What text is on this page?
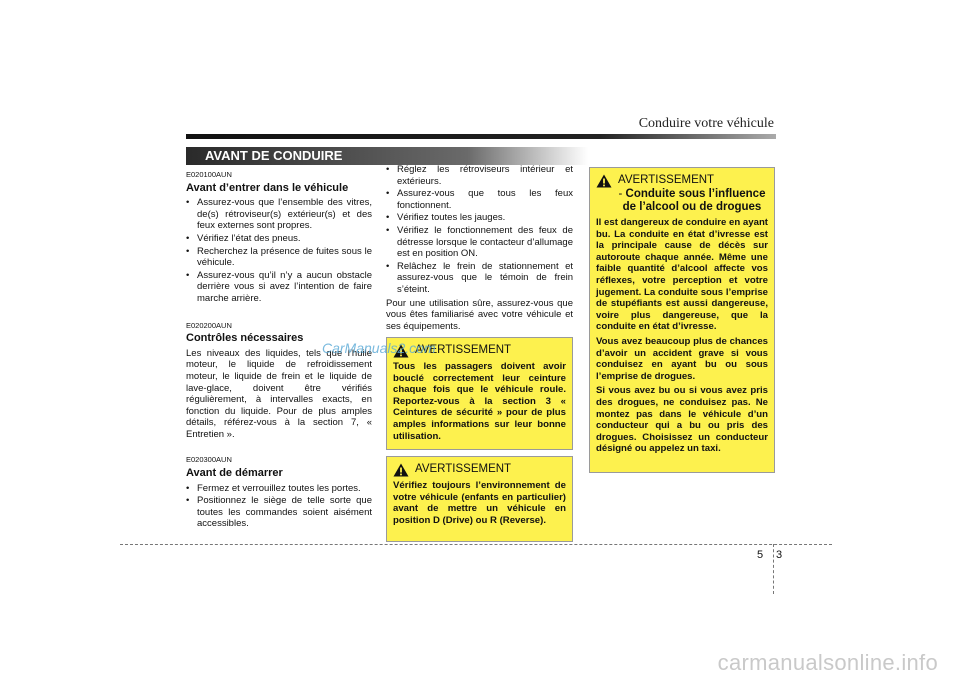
Conduire votre véhicule
AVANT DE CONDUIRE
E020100AUN
Avant d’entrer dans le véhicule
• Assurez-vous que l’ensemble des vitres, de(s) rétroviseur(s) extérieur(s) et des feux externes sont propres.
• Vérifiez l’état des pneus.
• Recherchez la présence de fuites sous le véhicule.
• Assurez-vous qu’il n’y a aucun obstacle derrière vous si avez l’intention de faire marche arrière.
E020200AUN
Contrôles nécessaires
Les niveaux des liquides, tels que l’huile moteur, le liquide de refroidissement moteur, le liquide de frein et le liquide de lave-glace, doivent être vérifiés régulièrement, à intervalles exacts, en fonction du liquide. Pour de plus amples détails, référez-vous à la section 7, « Entretien ».
E020300AUN
Avant de démarrer
• Fermez et verrouillez toutes les portes.
• Positionnez le siège de telle sorte que toutes les commandes soient aisément accessibles.
• Réglez les rétroviseurs intérieur et extérieurs.
• Assurez-vous que tous les feux fonctionnent.
• Vérifiez toutes les jauges.
• Vérifiez le fonctionnement des feux de détresse lorsque le contacteur d’allumage est en position ON.
• Relâchez le frein de stationnement et assurez-vous que le témoin de frein s’éteint.
Pour une utilisation sûre, assurez-vous que vous êtes familiarisé avec votre véhicule et ses équipements.
AVERTISSEMENT
Tous les passagers doivent avoir bouclé correctement leur ceinture chaque fois que le véhicule roule. Reportez-vous à la section 3 « Ceintures de sécurité » pour de plus amples informations sur leur bonne utilisation.
AVERTISSEMENT
Vérifiez toujours l’environnement de votre véhicule (enfants en particulier) avant de mettre un véhicule en position D (Drive) ou R (Reverse).
AVERTISSEMENT
- Conduite sous l’influence
de l’alcool ou de drogues

Il est dangereux de conduire en ayant bu. La conduite en état d’ivresse est la principale cause de décès sur autoroute chaque année. Même une faible quantité d’alcool affecte vos réflexes, votre perception et votre jugement. La conduite sous l’emprise de stupéfiants est aussi dangereuse, voire plus dangereuse, que la conduite en état d’ivresse.

Vous avez beaucoup plus de chances d’avoir un accident grave si vous conduisez en ayant bu ou sous l’emprise de drogues.

Si vous avez bu ou si vous avez pris des drogues, ne conduisez pas. Ne montez pas dans le véhicule d’un conducteur qui a bu ou pris des drogues. Choisissez un conducteur désigné ou appelez un taxi.

CarManuals2.com
5 3
carmanualsonline.info
